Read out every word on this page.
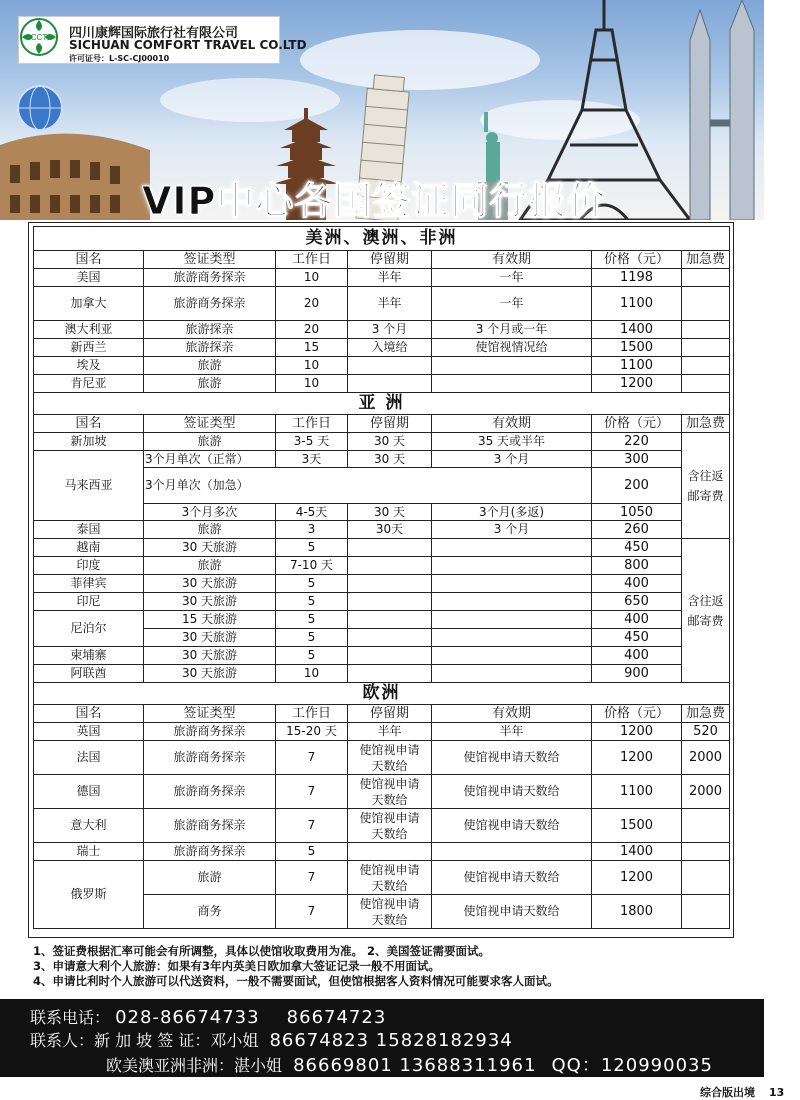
CCT 四川康辉国际旅行社有限公司
SICHUAN COMFORT TRAVEL CO.LTD
许可证号：L-SC-CJ00010
VIP中心各国签证同行报价
美洲、澳洲、非洲						
国名	签证类型	工作日	停留期	有效期	价格（元）	加急费
美国	旅游商务探亲	10	半年	一年	1198	
加拿大	旅游商务探亲	20	半年	一年	1100	
澳大利亚	旅游探亲	20	3 个月	3 个月或一年	1400	
新西兰	旅游探亲	15	入境给	使馆视情况给	1500	
埃及	旅游	10			1100	
肯尼亚	旅游	10			1200	
亚 洲						
国名	签证类型	工作日	停留期	有效期	价格（元）	加急费
新加坡	旅游	3-5 天	30 天	35 天或半年	220	含往返邮寄费

马来西亚	3个月单次（正常）	3天	30 天	3 个月	300	
	3个月单次（加急）				200	
	3个月多次	4-5天	30 天	3个月(多返)	1050	
泰国	旅游	3	30天	3 个月	260	
越南	30 天旅游	5			450	含往返邮寄费

印度	旅游	7-10 天			800	
菲律宾	30 天旅游	5			400	
印尼	30 天旅游	5			650	
尼泊尔	15 天旅游	5			400	
	30 天旅游	5			450	
柬埔寨	30 天旅游	5			400	
阿联酋	30 天旅游	10			900	
欧洲						
国名	签证类型	工作日	停留期	有效期	价格（元）	加急费
英国	旅游商务探亲	15-20 天	半年	半年	1200	520
法国	旅游商务探亲	7	使馆视申请天数给	使馆视申请天数给	1200	2000
德国	旅游商务探亲	7	使馆视申请天数给	使馆视申请天数给	1100	2000
意大利	旅游商务探亲	7	使馆视申请天数给	使馆视申请天数给	1500	
瑞士	旅游商务探亲	5			1400	
俄罗斯	旅游	7	使馆视申请天数给	使馆视申请天数给	1200	
	商务	7	使馆视申请天数给	使馆视申请天数给	1800	
1、签证费根据汇率可能会有所调整，具体以使馆收取费用为准。 2、美国签证需要面试。
3、申请意大利个人旅游：如果有3年内英美日欧加拿大签证记录一般不用面试。
4、申请比利时个人旅游可以代送资料，一般不需要面试，但使馆根据客人资料情况可能要求客人面试。
联系电话： 028-86674733 86674723
联系人：新 加 坡 签 证：邓小姐 86674823 15828182934
欧美澳亚洲非洲：湛小姐 86669801 13688311961 QQ：120990035
综合版出境 13
